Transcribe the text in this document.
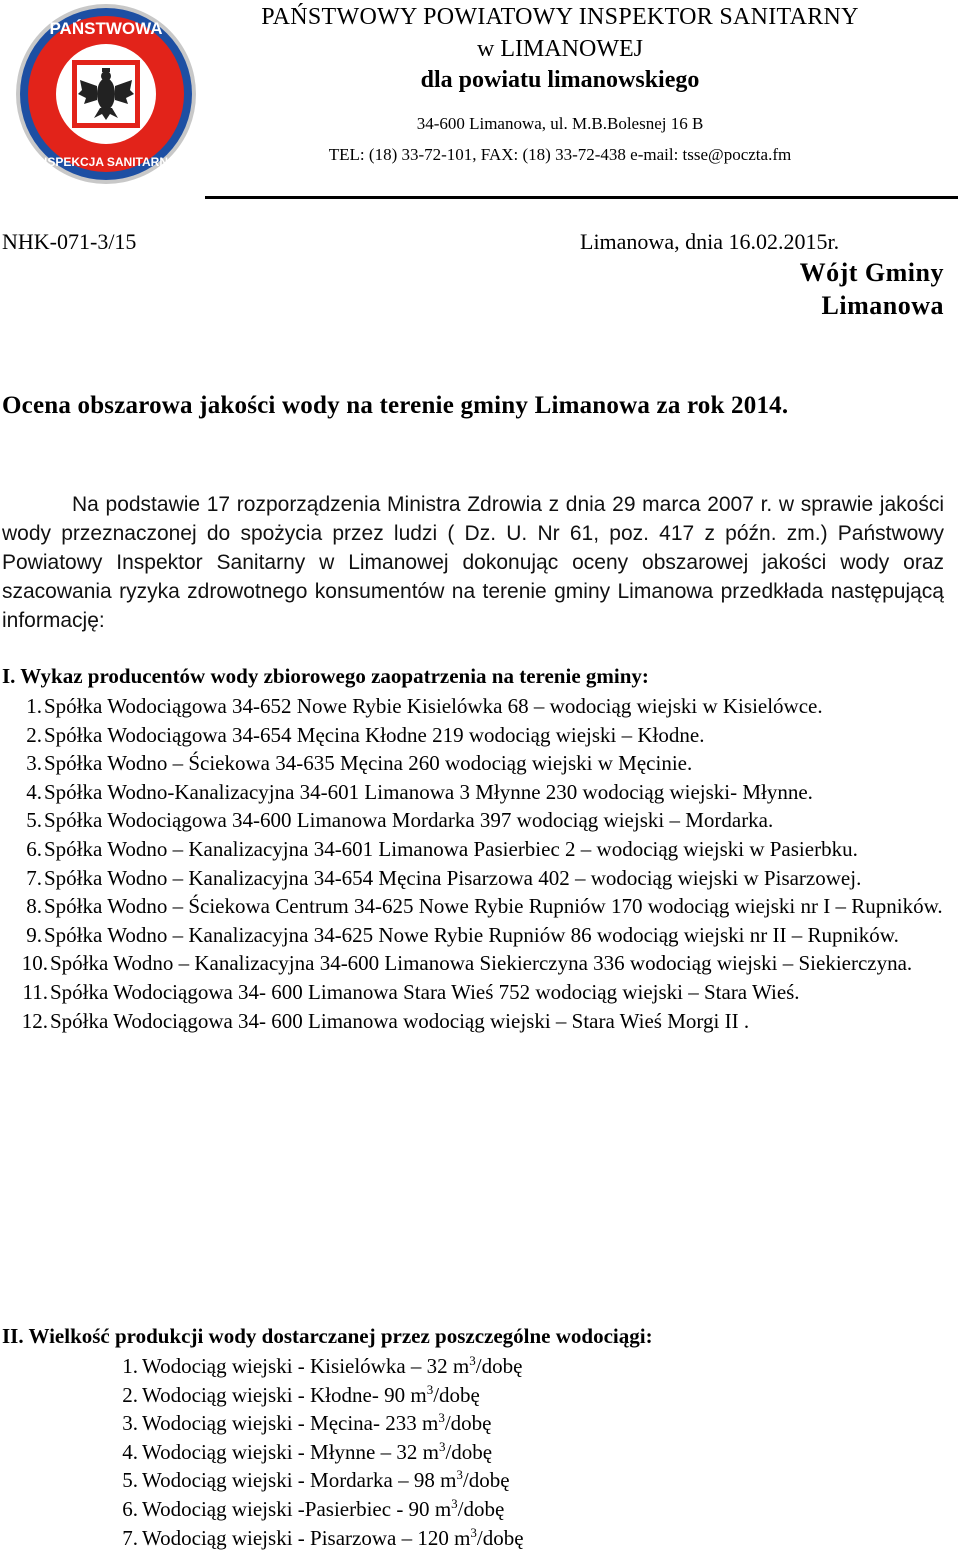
PAŃSTWOWA
INSPEKCJA SANITARNA
PAŃSTWOWY POWIATOWY INSPEKTOR SANITARNY
w LIMANOWEJ
dla powiatu limanowskiego
34-600 Limanowa, ul. M.B.Bolesnej 16 B
TEL: (18) 33-72-101, FAX: (18) 33-72-438 e-mail: tsse@poczta.fm
NHK-071-3/15	Limanowa, dnia 16.02.2015r.
Wójt Gminy
Limanowa
Ocena obszarowa jakości wody na terenie gminy Limanowa za rok 2014.
Na podstawie 17 rozporządzenia Ministra Zdrowia z dnia 29 marca 2007 r. w sprawie jakości wody przeznaczonej do spożycia przez ludzi ( Dz. U. Nr 61, poz. 417 z późn. zm.) Państwowy Powiatowy Inspektor Sanitarny w Limanowej dokonując oceny obszarowej jakości wody oraz szacowania ryzyka zdrowotnego konsumentów na terenie gminy Limanowa przedkłada następującą informację:
I. Wykaz producentów wody zbiorowego zaopatrzenia na terenie gminy:
1. Spółka Wodociągowa 34-652 Nowe Rybie Kisielówka 68 – wodociąg wiejski w Kisielówce.
2. Spółka Wodociągowa 34-654 Męcina Kłodne 219 wodociąg wiejski – Kłodne.
3. Spółka Wodno – Ściekowa 34-635 Męcina 260 wodociąg wiejski w Męcinie.
4. Spółka Wodno-Kanalizacyjna 34-601 Limanowa 3 Młynne 230 wodociąg wiejski- Młynne.
5. Spółka Wodociągowa 34-600 Limanowa Mordarka 397 wodociąg wiejski – Mordarka.
6. Spółka Wodno – Kanalizacyjna 34-601 Limanowa Pasierbiec 2 – wodociąg wiejski w Pasierbku.
7. Spółka Wodno – Kanalizacyjna 34-654 Męcina Pisarzowa 402 – wodociąg wiejski w Pisarzowej.
8. Spółka Wodno – Ściekowa Centrum 34-625 Nowe Rybie Rupniów 170 wodociąg wiejski nr I – Rupników.
9. Spółka Wodno – Kanalizacyjna 34-625 Nowe Rybie Rupniów 86 wodociąg wiejski nr II – Rupników.
10. Spółka Wodno – Kanalizacyjna 34-600 Limanowa Siekierczyna 336 wodociąg wiejski – Siekierczyna.
11. Spółka Wodociągowa 34- 600 Limanowa Stara Wieś 752 wodociąg wiejski – Stara Wieś.
12. Spółka Wodociągowa 34- 600 Limanowa wodociąg wiejski – Stara Wieś Morgi II .
II. Wielkość produkcji wody dostarczanej przez poszczególne wodociągi:
1. Wodociąg wiejski - Kisielówka – 32 $m^3$/dobę
2. Wodociąg wiejski - Kłodne- 90 $m^3$/dobę
3. Wodociąg wiejski - Męcina- 233 $m^3$/dobę
4. Wodociąg wiejski - Młynne – 32 $m^3$/dobę
5. Wodociąg wiejski - Mordarka – 98 $m^3$/dobę
6. Wodociąg wiejski -Pasierbiec - 90 $m^3$/dobę
7. Wodociąg wiejski - Pisarzowa – 120 $m^3$/dobę
